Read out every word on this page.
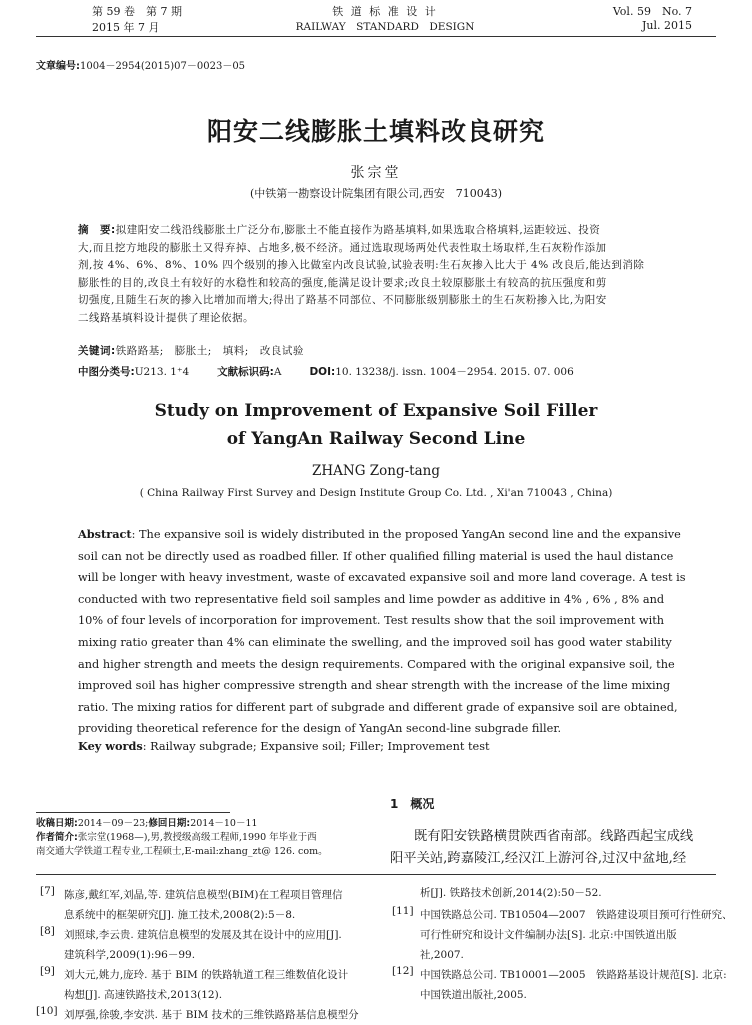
第 59 卷　第 7 期
2015 年 7 月
铁 道 标 准 设 计
RAILWAY　STANDARD　DESIGN
Vol. 59　No. 7
Jul. 2015
文章编号:1004－2954(2015)07－0023－05
阳安二线膨胀土填料改良研究
张宗堂
(中铁第一勘察设计院集团有限公司,西安　710043)
摘　要:拟建阳安二线沿线膨胀土广泛分布,膨胀土不能直接作为路基填料,如果选取合格填料,运距较远、投资
大,而且挖方地段的膨胀土又得弃掉、占地多,极不经济。通过选取现场两处代表性取土场取样,生石灰粉作添加
剂,按 4%、6%、8%、10% 四个级别的掺入比做室内改良试验,试验表明:生石灰掺入比大于 4% 改良后,能达到消除
膨胀性的目的,改良土有较好的水稳性和较高的强度,能满足设计要求;改良土较原膨胀土有较高的抗压强度和剪
切强度,且随生石灰的掺入比增加而增大;得出了路基不同部位、不同膨胀级别膨胀土的生石灰粉掺入比,为阳安
二线路基填料设计提供了理论依据。
关键词:铁路路基;　膨胀土;　填料;　改良试验
中图分类号:U213. 1⁺4	文献标识码:A	DOI:10. 13238/j. issn. 1004－2954. 2015. 07. 006
Study on Improvement of Expansive Soil Filler
of YangAn Railway Second Line
ZHANG Zong-tang
( China Railway First Survey and Design Institute Group Co. Ltd. , Xi'an 710043 , China)
Abstract: The expansive soil is widely distributed in the proposed YangAn second line and the expansive
soil can not be directly used as roadbed filler. If other qualified filling material is used the haul distance
will be longer with heavy investment, waste of excavated expansive soil and more land coverage. A test is
conducted with two representative field soil samples and lime powder as additive in 4% , 6% , 8% and
10% of four levels of incorporation for improvement. Test results show that the soil improvement with
mixing ratio greater than 4% can eliminate the swelling, and the improved soil has good water stability
and higher strength and meets the design requirements. Compared with the original expansive soil, the
improved soil has higher compressive strength and shear strength with the increase of the lime mixing
ratio. The mixing ratios for different part of subgrade and different grade of expansive soil are obtained,
providing theoretical reference for the design of YangAn second-line subgrade filler.
Key words: Railway subgrade; Expansive soil; Filler; Improvement test
收稿日期:2014－09－23;修回日期:2014－10－11
作者简介:张宗堂(1968—),男,教授级高级工程师,1990 年毕业于西
南交通大学铁道工程专业,工程硕士,E-mail:zhang_zt@ 126. com。
1　概况
既有阳安铁路横贯陕西省南部。线路西起宝成线
阳平关站,跨嘉陵江,经汉江上游河谷,过汉中盆地,经
[7] 陈彦,戴红军,刘晶,等. 建筑信息模型(BIM)在工程项目管理信
息系统中的框架研究[J]. 施工技术,2008(2):5－8.
[8] 刘照球,李云贵. 建筑信息模型的发展及其在设计中的应用[J].
建筑科学,2009(1):96－99.
[9] 刘大元,姚力,庞玲. 基于 BIM 的铁路轨道工程三维数值化设计
构想[J]. 高速铁路技术,2013(12).
[10] 刘厚强,徐骏,李安洪. 基于 BIM 技术的三维铁路路基信息模型分
析[J]. 铁路技术创新,2014(2):50－52.
[11] 中国铁路总公司. TB10504—2007　铁路建设项目预可行性研究、
可行性研究和设计文件编制办法[S]. 北京:中国铁道出版
社,2007.
[12] 中国铁路总公司. TB10001—2005　铁路路基设计规范[S]. 北京:
中国铁道出版社,2005.
